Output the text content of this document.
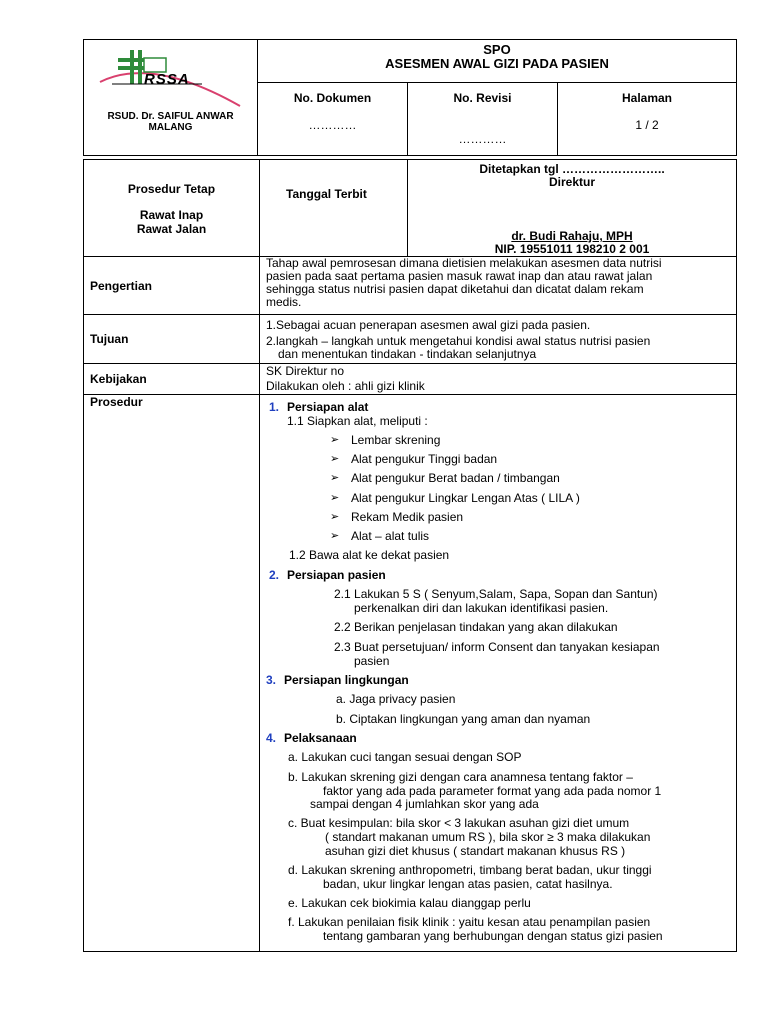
RSSA
RSUD. Dr. SAIFUL ANWAR
MALANG
SPO
ASESMEN AWAL GIZI PADA PASIEN
No. Dokumen
…………
No. Revisi
…………
Halaman
1 / 2
Prosedur Tetap
Rawat Inap
Rawat Jalan
Tanggal Terbit
Ditetapkan tgl ……………………..
Direktur
dr. Budi Rahaju, MPH
NIP. 19551011 198210 2 001
Pengertian
Tahap awal pemrosesan dimana dietisien melakukan asesmen data nutrisi
pasien pada saat pertama pasien masuk rawat inap dan atau rawat jalan
sehingga status nutrisi pasien dapat diketahui dan dicatat dalam rekam
medis.
Tujuan
1.Sebagai acuan penerapan asesmen awal gizi pada pasien.
2.langkah – langkah untuk mengetahui kondisi awal status nutrisi pasien
dan menentukan tindakan - tindakan selanjutnya
Kebijakan
SK Direktur no
Dilakukan oleh : ahli gizi klinik
Prosedur	1. Persiapan alat
1.1 Siapkan alat, meliputi :
➢ Lembar skrening
➢ Alat pengukur Tinggi badan
➢ Alat pengukur Berat badan / timbangan
➢ Alat pengukur Lingkar Lengan Atas ( LILA )
➢ Rekam Medik pasien
➢ Alat – alat tulis
1.2 Bawa alat ke dekat pasien
2. Persiapan pasien
2.1 Lakukan 5 S ( Senyum,Salam, Sapa, Sopan dan Santun)
perkenalkan diri dan lakukan identifikasi pasien.
2.2 Berikan penjelasan tindakan yang akan dilakukan
2.3 Buat persetujuan/ inform Consent dan tanyakan kesiapan
pasien
3. Persiapan lingkungan
a. Jaga privacy pasien
b. Ciptakan lingkungan yang aman dan nyaman
4. Pelaksanaan
a. Lakukan cuci tangan sesuai dengan SOP
b. Lakukan skrening gizi dengan cara anamnesa tentang faktor –
faktor yang ada pada parameter format yang ada pada nomor 1
sampai dengan 4 jumlahkan skor yang ada
c. Buat kesimpulan: bila skor < 3 lakukan asuhan gizi diet umum
( standart makanan umum RS ), bila skor ≥ 3 maka dilakukan
asuhan gizi diet khusus ( standart makanan khusus RS )
d. Lakukan skrening anthropometri, timbang berat badan, ukur tinggi
badan, ukur lingkar lengan atas pasien, catat hasilnya.
e. Lakukan cek biokimia kalau dianggap perlu
f. Lakukan penilaian fisik klinik : yaitu kesan atau penampilan pasien
tentang gambaran yang berhubungan dengan status gizi pasien
